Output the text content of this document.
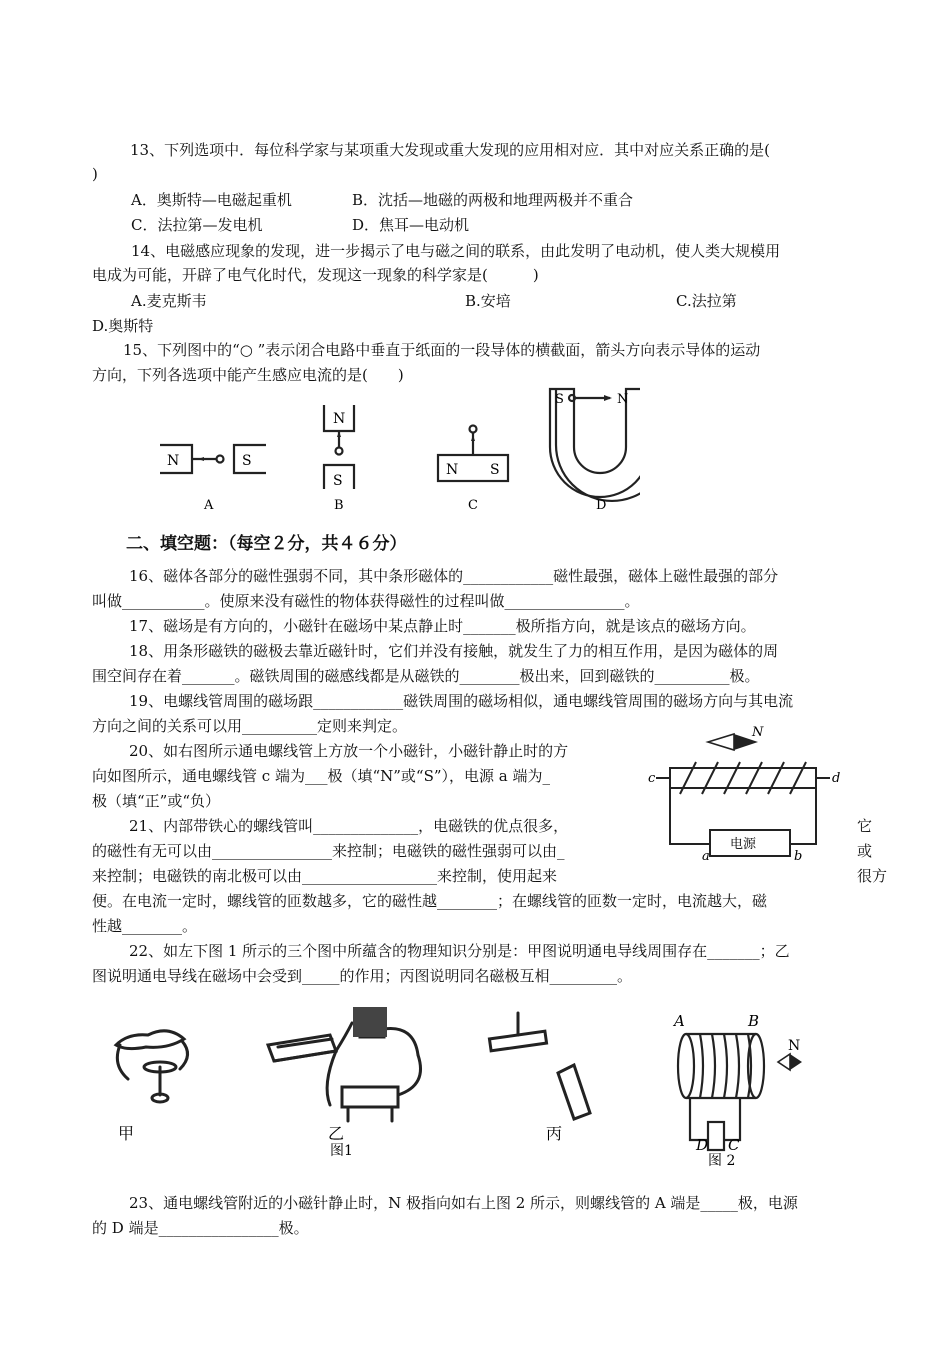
13、下列选项中．每位科学家与某项重大发现或重大发现的应用相对应．其中对应关系正确的是(
)
A．奥斯特—电磁起重机	B．沈括—地磁的两极和地理两极并不重合
C．法拉第—发电机	D．焦耳—电动机
14、电磁感应现象的发现，进一步揭示了电与磁之间的联系，由此发明了电动机，使人类大规模用
电成为可能，开辟了电气化时代，发现这一现象的科学家是(　　　)
A.麦克斯韦	B.安培	C.法拉第
D.奥斯特
15、下列图中的“○ ”表示闭合电路中垂直于纸面的一段导体的横截面，箭头方向表示导体的运动
方向，下列各选项中能产生感应电流的是(　　)
N	S
N
S
N S
S	N
A	B	C	D
二、填空题：（每空２分，共４６分）
16、磁体各部分的磁性强弱不同，其中条形磁体的____________磁性最强，磁体上磁性最强的部分
叫做___________。使原来没有磁性的物体获得磁性的过程叫做________________。
17、磁场是有方向的，小磁针在磁场中某点静止时_______极所指方向，就是该点的磁场方向。
18、用条形磁铁的磁极去靠近磁针时，它们并没有接触，就发生了力的相互作用，是因为磁体的周
围空间存在着_______。磁铁周围的磁感线都是从磁铁的________极出来，回到磁铁的__________极。
19、电螺线管周围的磁场跟____________磁铁周围的磁场相似，通电螺线管周围的磁场方向与其电流
方向之间的关系可以用__________定则来判定。
20、如右图所示通电螺线管上方放一个小磁针，小磁针静止时的方
向如图所示，通电螺线管 c 端为___极（填“N”或“S”），电源 a 端为_
极（填“正”或“负）
N
c	d
a	b
电源
21、内部带铁心的螺线管叫______________，电磁铁的优点很多，	它
的磁性有无可以由________________来控制；电磁铁的磁性强弱可以由_	或
来控制；电磁铁的南北极可以由__________________来控制，使用起来	很方
便。在电流一定时，螺线管的匝数越多，它的磁性越________；在螺线管的匝数一定时，电流越大，磁
性越________。
22、如左下图 1 所示的三个图中所蕴含的物理知识分别是：甲图说明通电导线周围存在_______；乙
图说明通电导线在磁场中会受到_____的作用；丙图说明同名磁极互相_________。
甲	乙	丙
图1
A	B
N
D C
图 2
23、通电螺线管附近的小磁针静止时，N 极指向如右上图 2 所示，则螺线管的 A 端是_____极，电源
的 D 端是________________极。
